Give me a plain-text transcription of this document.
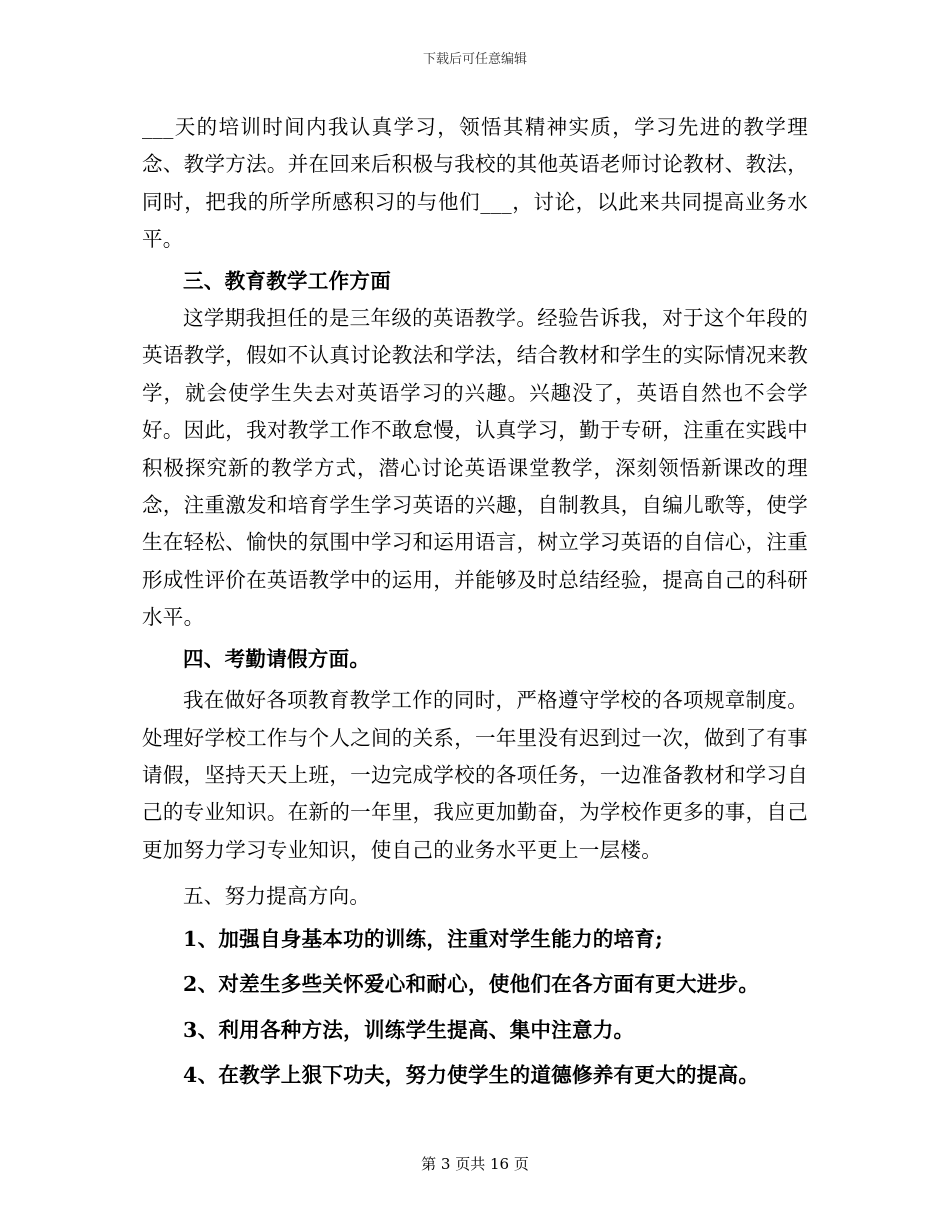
下载后可任意编辑

___天的培训时间内我认真学习，领悟其精神实质，学习先进的教学理念、教学方法。并在回来后积极与我校的其他英语老师讨论教材、教法，同时，把我的所学所感积习的与他们___，讨论，以此来共同提高业务水平。

三、教育教学工作方面

这学期我担任的是三年级的英语教学。经验告诉我，对于这个年段的英语教学，假如不认真讨论教法和学法，结合教材和学生的实际情况来教学，就会使学生失去对英语学习的兴趣。兴趣没了，英语自然也不会学好。因此，我对教学工作不敢怠慢，认真学习，勤于专研，注重在实践中积极探究新的教学方式，潜心讨论英语课堂教学，深刻领悟新课改的理念，注重激发和培育学生学习英语的兴趣，自制教具，自编儿歌等，使学生在轻松、愉快的氛围中学习和运用语言，树立学习英语的自信心，注重形成性评价在英语教学中的运用，并能够及时总结经验，提高自己的科研水平。

四、考勤请假方面。

我在做好各项教育教学工作的同时，严格遵守学校的各项规章制度。处理好学校工作与个人之间的关系，一年里没有迟到过一次，做到了有事请假，坚持天天上班，一边完成学校的各项任务，一边准备教材和学习自己的专业知识。在新的一年里，我应更加勤奋，为学校作更多的事，自己更加努力学习专业知识，使自己的业务水平更上一层楼。

五、努力提高方向。

1、加强自身基本功的训练，注重对学生能力的培育;

2、对差生多些关怀爱心和耐心，使他们在各方面有更大进步。

3、利用各种方法，训练学生提高、集中注意力。

4、在教学上狠下功夫，努力使学生的道德修养有更大的提高。

第 3 页共 16 页
